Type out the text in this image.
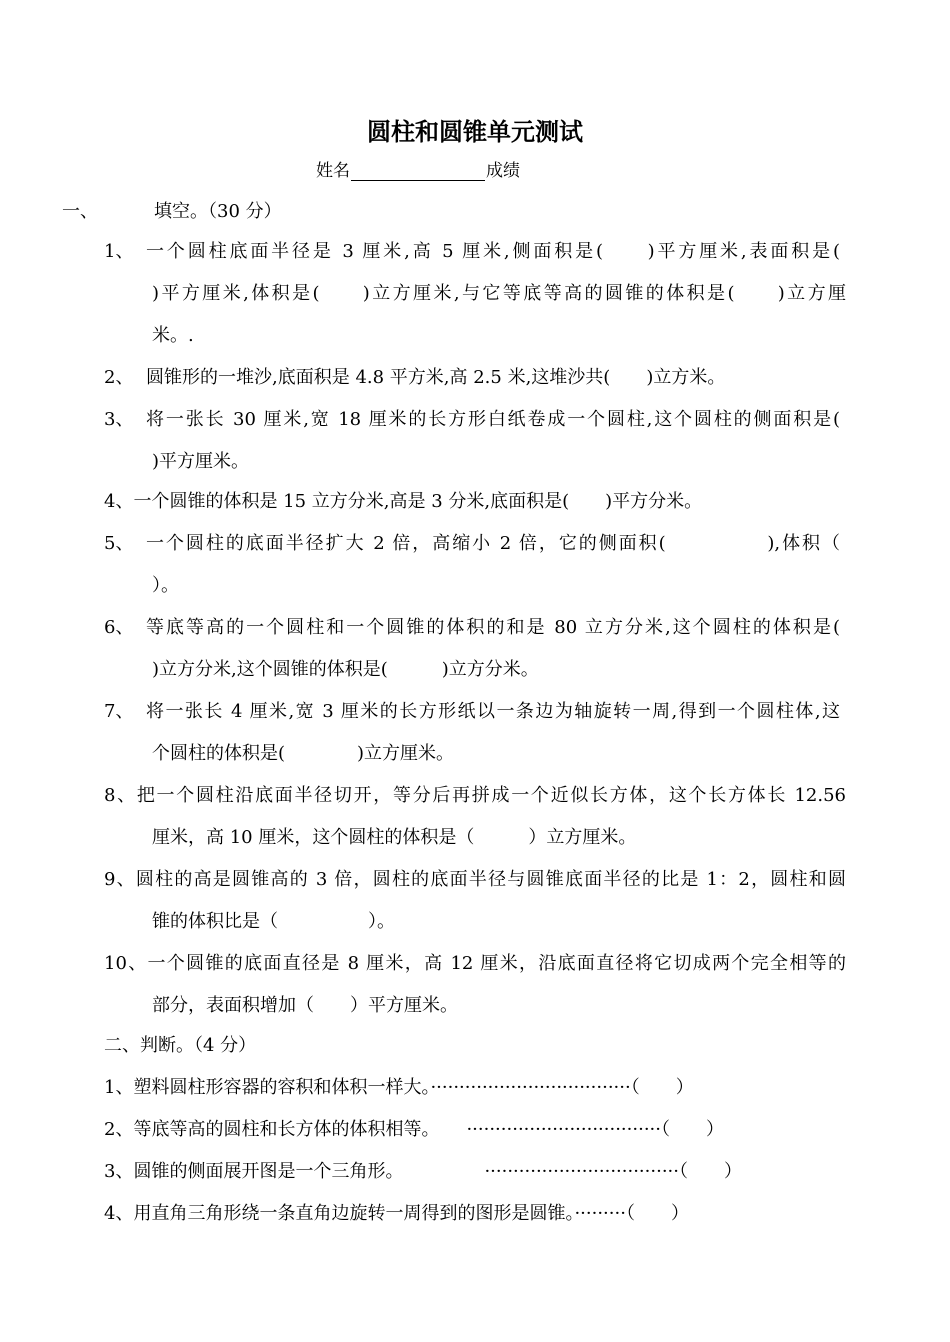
圆柱和圆锥单元测试
姓名	成绩
一、	填空。（30 分）
1、 一个圆柱底面半径是 3 厘米,高 5 厘米,侧面积是(　　)平方厘米,表面积是(
)平方厘米,体积是(　　)立方厘米,与它等底等高的圆锥的体积是(　　)立方厘
米。.
2、 圆锥形的一堆沙,底面积是 4.8 平方米,高 2.5 米,这堆沙共(　　)立方米。
3、 将一张长 30 厘米,宽 18 厘米的长方形白纸卷成一个圆柱,这个圆柱的侧面积是(
)平方厘米。
4、一个圆锥的体积是 15 立方分米,高是 3 分米,底面积是(　　)平方分米。
5、 一个圆柱的底面半径扩大 2 倍，高缩小 2 倍，它的侧面积(　　　　　),体积（
）。
6、 等底等高的一个圆柱和一个圆锥的体积的和是 80 立方分米,这个圆柱的体积是(
)立方分米,这个圆锥的体积是(　　　)立方分米。
7、 将一张长 4 厘米,宽 3 厘米的长方形纸以一条边为轴旋转一周,得到一个圆柱体,这
个圆柱的体积是(　　　　)立方厘米。
8、把一个圆柱沿底面半径切开，等分后再拼成一个近似长方体，这个长方体长 12.56
厘米，高 10 厘米，这个圆柱的体积是（　　　）立方厘米。
9、圆柱的高是圆锥高的 3 倍，圆柱的底面半径与圆锥底面半径的比是 1：2，圆柱和圆
锥的体积比是（　　　　　）。
10、一个圆锥的底面直径是 8 厘米，高 12 厘米，沿底面直径将它切成两个完全相等的
部分，表面积增加（　　）平方厘米。
二、判断。（4 分）
1、塑料圆柱形容器的容积和体积一样大。···································（　　）
2、等底等高的圆柱和长方体的体积相等。　　··································（　　）
3、圆锥的侧面展开图是一个三角形。　　　　　··································（　　）
4、用直角三角形绕一条直角边旋转一周得到的图形是圆锥。·········（　　）
